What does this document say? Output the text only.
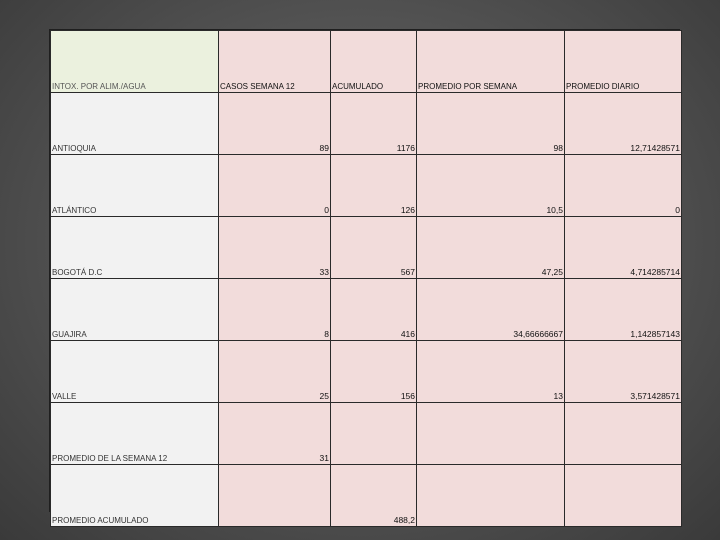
INTOX. POR ALIM./AGUA	CASOS SEMANA 12	ACUMULADO	PROMEDIO POR SEMANA	PROMEDIO DIARIO
ANTIOQUIA	89	1176	98	12,71428571
ATLÁNTICO	0	126	10,5	0
BOGOTÁ D.C	33	567	47,25	4,714285714
GUAJIRA	8	416	34,66666667	1,142857143
VALLE	25	156	13	3,571428571
PROMEDIO DE LA SEMANA 12	31			
PROMEDIO ACUMULADO		488,2		
